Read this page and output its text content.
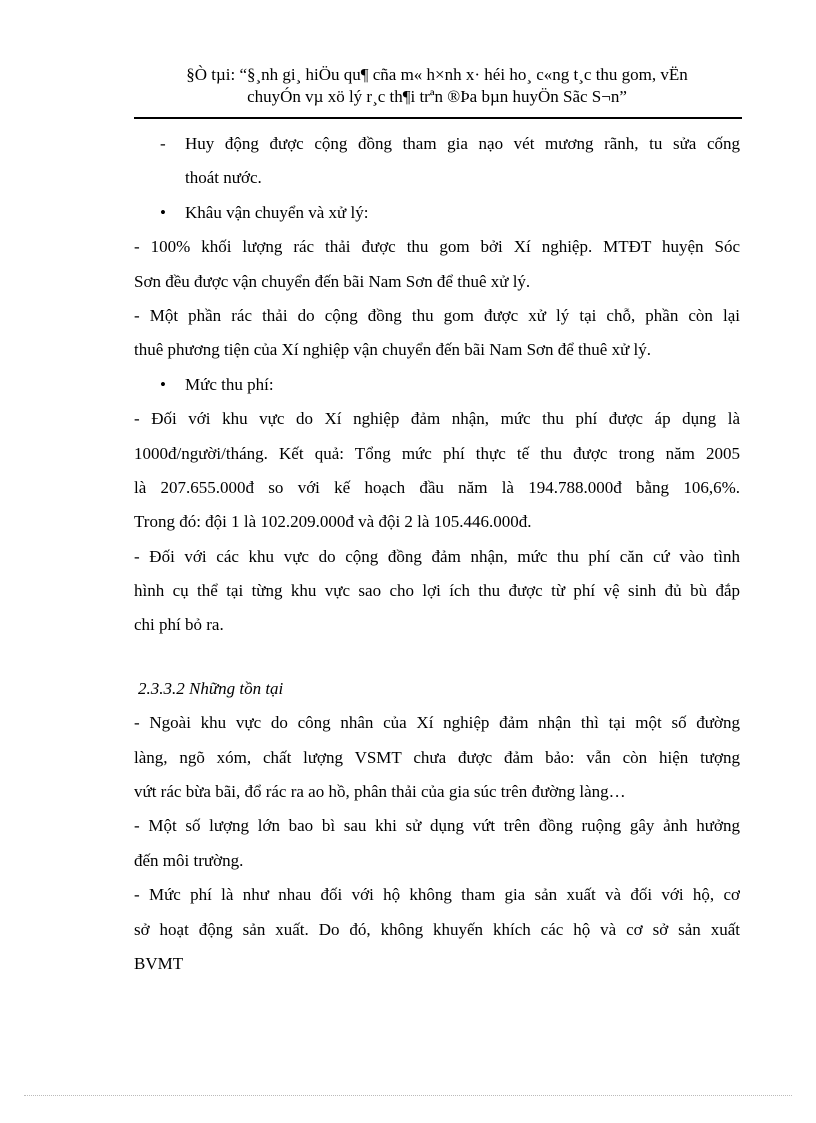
§Ò tµi: “§¸nh gi¸ hiÖu qu¶ cña m« h×nh x· héi ho¸ c«ng t¸c thu gom, vËn
chuyÓn vµ xö lý r¸c th¶i trªn ®Þa bµn huyÖn Sãc S¬n”
- Huy động được cộng đồng tham gia nạo vét mương rãnh, tu sửa cống
thoát nước.
• Khâu vận chuyển và xử lý:
- 100% khối lượng rác thải được thu gom bởi Xí nghiệp. MTĐT huyện Sóc
Sơn đều được vận chuyển đến bãi Nam Sơn để thuê xử lý.
- Một phần rác thải do cộng đồng thu gom được xử lý tại chỗ, phần còn lại
thuê phương tiện của Xí nghiệp vận chuyển đến bãi Nam Sơn để thuê xử lý.
• Mức thu phí:
- Đối với khu vực do Xí nghiệp đảm nhận, mức thu phí được áp dụng là
1000đ/người/tháng. Kết quả: Tổng mức phí thực tế thu được trong năm 2005
là 207.655.000đ so với kế hoạch đầu năm là 194.788.000đ bằng 106,6%.
Trong đó: đội 1 là 102.209.000đ và đội 2 là 105.446.000đ.
- Đối với các khu vực do cộng đồng đảm nhận, mức thu phí căn cứ vào tình
hình cụ thể tại từng khu vực sao cho lợi ích thu được từ phí vệ sinh đủ bù đắp
chi phí bỏ ra.
2.3.3.2 Những tồn tại
- Ngoài khu vực do công nhân của Xí nghiệp đảm nhận thì tại một số đường
làng, ngõ xóm, chất lượng VSMT chưa được đảm bảo: vẫn còn hiện tượng
vứt rác bừa bãi, đổ rác ra ao hồ, phân thải của gia súc trên đường làng…
- Một số lượng lớn bao bì sau khi sử dụng vứt trên đồng ruộng gây ảnh hưởng
đến môi trường.
- Mức phí là như nhau đối với hộ không tham gia sản xuất và đối với hộ, cơ
sở hoạt động sản xuất. Do đó, không khuyến khích các hộ và cơ sở sản xuất
BVMT
